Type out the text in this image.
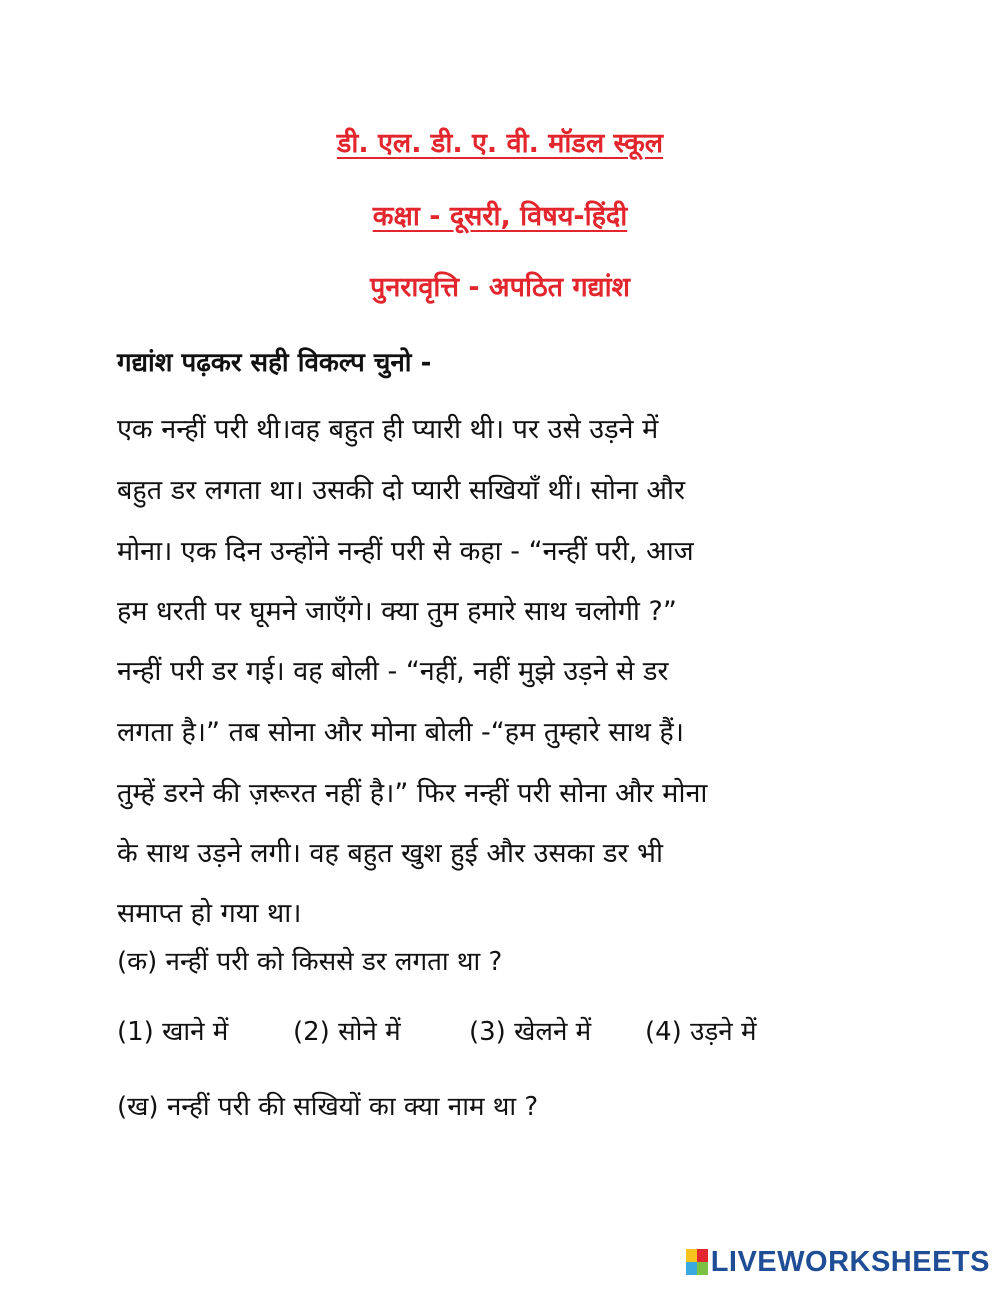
डी. एल. डी. ए. वी. मॉडल स्कूल
कक्षा - दूसरी, विषय-हिंदी
पुनरावृत्ति - अपठित गद्यांश
गद्यांश पढ़कर सही विकल्प चुनो -
एक नन्हीं परी थी।वह बहुत ही प्यारी थी। पर उसे उड़ने में
बहुत डर लगता था। उसकी दो प्यारी सखियाँ थीं। सोना और
मोना। एक दिन उन्होंने नन्हीं परी से कहा - “नन्हीं परी, आज
हम धरती पर घूमने जाएँगे। क्या तुम हमारे साथ चलोगी ?”
नन्हीं परी डर गई। वह बोली - “नहीं, नहीं मुझे उड़ने से डर
लगता है।” तब सोना और मोना बोली -“हम तुम्हारे साथ हैं।
तुम्हें डरने की ज़रूरत नहीं है।” फिर नन्हीं परी सोना और मोना
के साथ उड़ने लगी। वह बहुत खुश हुई और उसका डर भी
समाप्त हो गया था।
(क) नन्हीं परी को किससे डर लगता था ?
(1) खाने में (2) सोने में	(3) खेलने में (4) उड़ने में
(ख) नन्हीं परी की सखियों का क्या नाम था ?
LIVEWORKSHEETS
